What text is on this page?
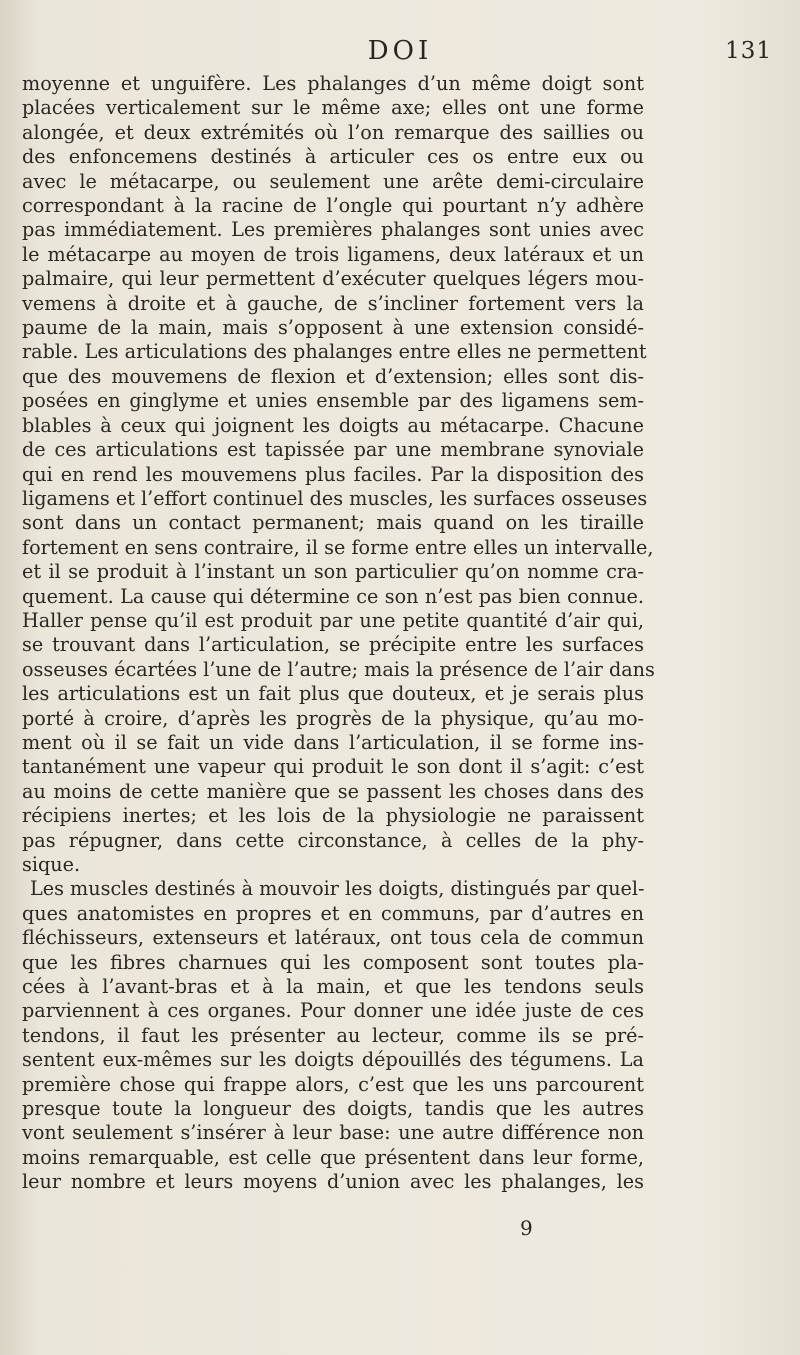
DOI	131
moyenne et unguifère. Les phalanges d’un même doigt sont
placées verticalement sur le même axe; elles ont une forme
alongée, et deux extrémités où l’on remarque des saillies ou
des enfoncemens destinés à articuler ces os entre eux ou
avec le métacarpe, ou seulement une arête demi-circulaire
correspondant à la racine de l’ongle qui pourtant n’y adhère
pas immédiatement. Les premières phalanges sont unies avec
le métacarpe au moyen de trois ligamens, deux latéraux et un
palmaire, qui leur permettent d’exécuter quelques légers mou-
vemens à droite et à gauche, de s’incliner fortement vers la
paume de la main, mais s’opposent à une extension considé-
rable. Les articulations des phalanges entre elles ne permettent
que des mouvemens de flexion et d’extension; elles sont dis-
posées en ginglyme et unies ensemble par des ligamens sem-
blables à ceux qui joignent les doigts au métacarpe. Chacune
de ces articulations est tapissée par une membrane synoviale
qui en rend les mouvemens plus faciles. Par la disposition des
ligamens et l’effort continuel des muscles, les surfaces osseuses
sont dans un contact permanent; mais quand on les tiraille
fortement en sens contraire, il se forme entre elles un intervalle,
et il se produit à l’instant un son particulier qu’on nomme cra-
quement. La cause qui détermine ce son n’est pas bien connue.
Haller pense qu’il est produit par une petite quantité d’air qui,
se trouvant dans l’articulation, se précipite entre les surfaces
osseuses écartées l’une de l’autre; mais la présence de l’air dans
les articulations est un fait plus que douteux, et je serais plus
porté à croire, d’après les progrès de la physique, qu’au mo-
ment où il se fait un vide dans l’articulation, il se forme ins-
tantanément une vapeur qui produit le son dont il s’agit: c’est
au moins de cette manière que se passent les choses dans des
récipiens inertes; et les lois de la physiologie ne paraissent
pas répugner, dans cette circonstance, à celles de la phy-
sique.
Les muscles destinés à mouvoir les doigts, distingués par quel-
ques anatomistes en propres et en communs, par d’autres en
fléchisseurs, extenseurs et latéraux, ont tous cela de commun
que les fibres charnues qui les composent sont toutes pla-
cées à l’avant-bras et à la main, et que les tendons seuls
parviennent à ces organes. Pour donner une idée juste de ces
tendons, il faut les présenter au lecteur, comme ils se pré-
sentent eux-mêmes sur les doigts dépouillés des tégumens. La
première chose qui frappe alors, c’est que les uns parcourent
presque toute la longueur des doigts, tandis que les autres
vont seulement s’insérer à leur base: une autre différence non
moins remarquable, est celle que présentent dans leur forme,
leur nombre et leurs moyens d’union avec les phalanges, les
9
